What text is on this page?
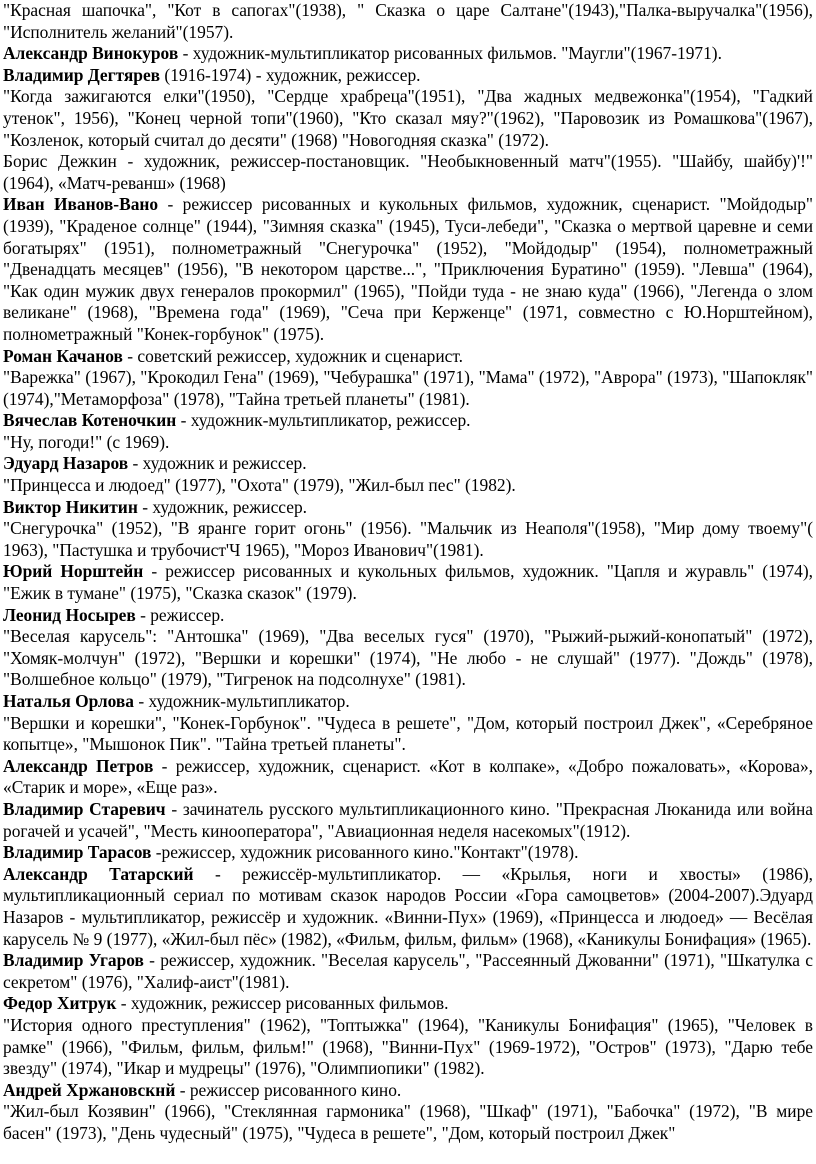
"Красная шапочка", "Кот в сапогах"(1938), " Сказка о царе Салтане"(1943),"Палка-выручалка"(1956), "Исполнитель желаний"(1957).

Александр Винокуров - художник-мультипликатор рисованных фильмов. "Маугли"(1967-1971).

Владимир Дегтярев (1916-1974) - художник, режиссер.

"Когда зажигаются елки"(1950), "Сердце храбреца"(1951), "Два жадных медвежонка"(1954), "Гадкий утенок", 1956), "Конец черной топи"(1960), "Кто сказал мяу?"(1962), "Паровозик из Ромашкова"(1967), "Козленок, который считал до десяти" (1968) "Новогодняя сказка" (1972).

Борис Дежкин - художник, режиссер-постановщик. "Необыкновенный матч"(1955). "Шайбу, шайбу)'!"(1964), «Матч-реванш» (1968)

Иван Иванов-Вано - режиссер рисованных и кукольных фильмов, художник, сценарист. "Мойдодыр" (1939), "Краденое солнце" (1944), "Зимняя сказка" (1945), Туси-лебеди", "Сказка о мертвой царевне и семи богатырях" (1951), полнометражный "Снегурочка" (1952), "Мойдодыр" (1954), полнометражный "Двенадцать месяцев" (1956), "В некотором царстве...", "Приключения Буратино" (1959). "Левша" (1964), "Как один мужик двух генералов прокормил" (1965), "Пойди туда - не знаю куда" (1966), "Легенда о злом великане" (1968), "Времена года" (1969), "Сеча при Керженце" (1971, совместно с Ю.Норштейном), полнометражный "Конек-горбунок" (1975).

Роман Качанов - советский режиссер, художник и сценарист.

"Варежка" (1967), "Крокодил Гена" (1969), "Чебурашка" (1971), "Мама" (1972), "Аврора" (1973), "Шапокляк" (1974),"Метаморфоза" (1978), "Тайна третьей планеты" (1981).

Вячеслав Котеночкин - художник-мультипликатор, режиссер.

"Ну, погоди!" (с 1969).

Эдуард Назаров - художник и режиссер.

"Принцесса и людоед" (1977), "Охота" (1979), "Жил-был пес" (1982).

Виктор Никитин - художник, режиссер.

"Снегурочка" (1952), "В яранге горит огонь" (1956). "Мальчик из Неаполя"(1958), "Мир дому твоему"( 1963), "Пастушка и трубочист'Ч 1965), "Мороз Иванович"(1981).

Юрий Норштейн - режиссер рисованных и кукольных фильмов, художник. "Цапля и журавль" (1974), "Ежик в тумане" (1975), "Сказка сказок" (1979).

Леонид Носырев - режиссер.

"Веселая карусель": "Антошка" (1969), "Два веселых гуся" (1970), "Рыжий-рыжий-конопатый" (1972), "Хомяк-молчун" (1972), "Вершки и корешки" (1974), "Не любо - не слушай" (1977). "Дождь" (1978), "Волшебное кольцо" (1979), "Тигренок на подсолнухе" (1981).

Наталья Орлова - художник-мультипликатор.

"Вершки и корешки", "Конек-Горбунок". "Чудеса в решете", "Дом, который построил Джек", «Серебряное копытце», "Мышонок Пик". "Тайна третьей планеты".

Александр Петров - режиссер, художник, сценарист. «Кот в колпаке», «Добро пожаловать», «Корова», «Старик и море», «Еще раз».

Владимир Старевич - зачинатель русского мультипликационного кино. "Прекрасная Люканида или война рогачей и усачей", "Месть кинооператора", "Авиационная неделя насекомых"(1912).

Владимир Тарасов -режиссер, художник рисованного кино."Контакт"(1978).

Александр Татарский - режиссёр-мультипликатор. — «Крылья, ноги и хвосты» (1986), мультипликационный сериал по мотивам сказок народов России «Гора самоцветов» (2004-2007).Эдуард Назаров - мультипликатор, режиссёр и художник. «Винни-Пух» (1969), «Принцесса и людоед» — Весёлая карусель № 9 (1977), «Жил-был пёс» (1982), «Фильм, фильм, фильм» (1968), «Каникулы Бонифация» (1965).

Владимир Угаров - режиссер, художник. "Веселая карусель", "Рассеянный Джованни" (1971), "Шкатулка с секретом" (1976), "Халиф-аист"(1981).

Федор Хитрук - художник, режиссер рисованных фильмов.

"История одного преступления" (1962), "Топтыжка" (1964), "Каникулы Бонифация" (1965), "Человек в рамке" (1966), "Фильм, фильм, фильм!" (1968), "Винни-Пух" (1969-1972), "Остров" (1973), "Дарю тебе звезду" (1974), "Икар и мудрецы" (1976), "Олимпиопики" (1982).

Андрей Хржановскнй - режиссер рисованного кино.

"Жил-был Козявин" (1966), "Стеклянная гармоника" (1968), "Шкаф" (1971), "Бабочка" (1972), "В мире басен" (1973), "День чудесный" (1975), "Чудеса в решете", "Дом, который построил Джек"
